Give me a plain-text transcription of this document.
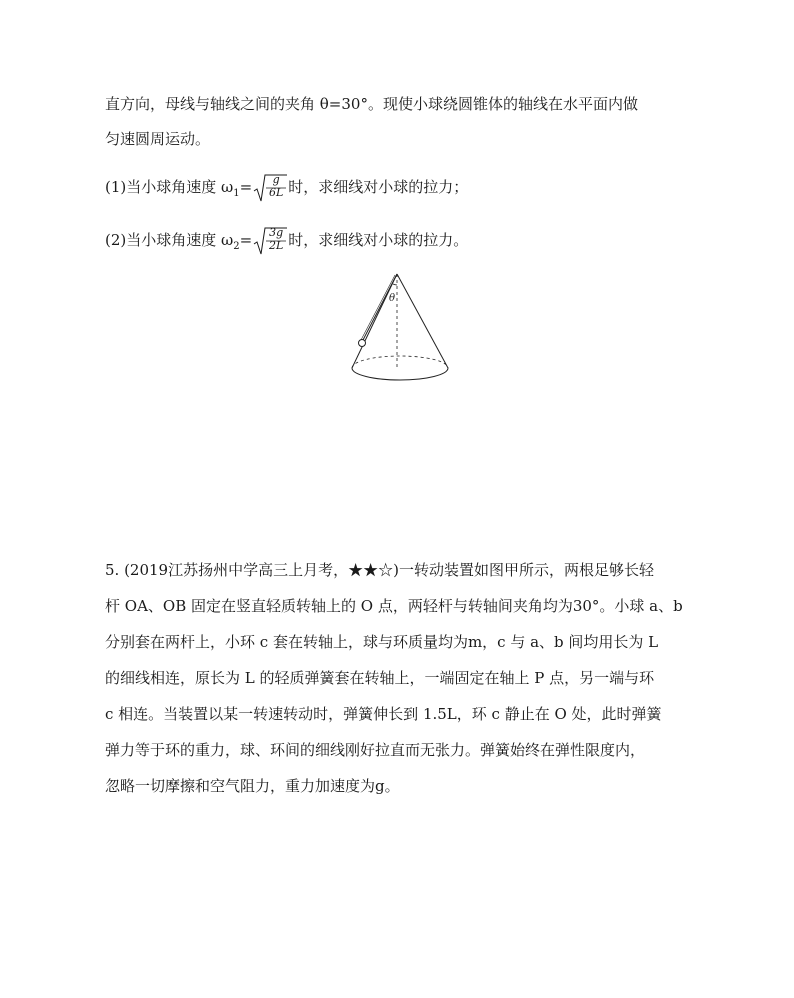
直方向，母线与轴线之间的夹角 θ=30°。现使小球绕圆锥体的轴线在水平面内做
匀速圆周运动。
(1)当小球角速度 $\omega_1=$	g
6L 时，求细线对小球的拉力；
(2)当小球角速度 $\omega_2=$	3g
2L 时，求细线对小球的拉力。
θ
5. (2019江苏扬州中学高三上月考，★★☆)一转动装置如图甲所示，两根足够长轻
杆 OA、OB 固定在竖直轻质转轴上的 O 点，两轻杆与转轴间夹角均为30°。小球 a、b
分别套在两杆上，小环 c 套在转轴上，球与环质量均为m，c 与 a、b 间均用长为 L
的细线相连，原长为 L 的轻质弹簧套在转轴上，一端固定在轴上 P 点，另一端与环
c 相连。当装置以某一转速转动时，弹簧伸长到 1.5L，环 c 静止在 O 处，此时弹簧
弹力等于环的重力，球、环间的细线刚好拉直而无张力。弹簧始终在弹性限度内，
忽略一切摩擦和空气阻力，重力加速度为g。
